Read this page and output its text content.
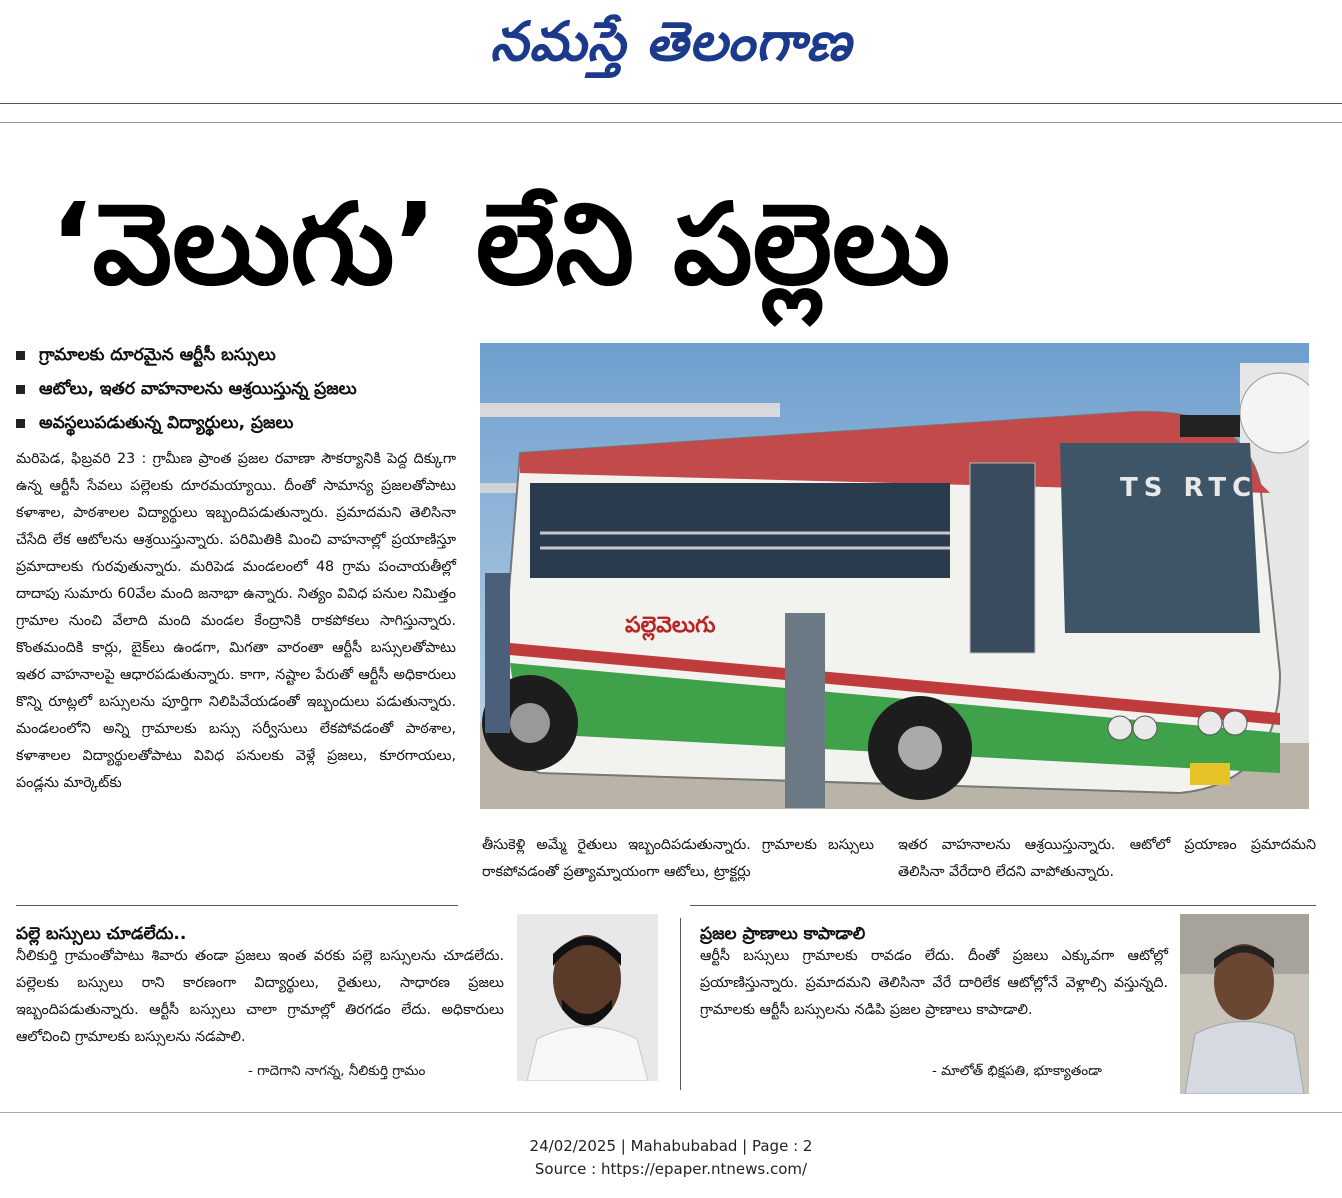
నమస్తే తెలంగాణ
‘వెలుగు’ లేని పల్లెలు
గ్రామాలకు దూరమైన ఆర్టీసీ బస్సులు
ఆటోలు, ఇతర వాహనాలను ఆశ్రయిస్తున్న ప్రజలు
అవస్థలుపడుతున్న విద్యార్థులు, ప్రజలు
మరిపెడ, ఫిబ్రవరి 23 : గ్రామీణ ప్రాంత ప్రజల రవాణా సౌకర్యానికి పెద్ద దిక్కుగా ఉన్న ఆర్టీసీ సేవలు పల్లెలకు దూరమయ్యాయి. దీంతో సామాన్య ప్రజలతోపాటు కళాశాల, పాఠశాలల విద్యార్థులు ఇబ్బందిపడుతున్నారు. ప్రమాదమని తెలిసినా చేసేది లేక ఆటోలను ఆశ్రయిస్తున్నారు. పరిమితికి మించి వాహనాల్లో ప్రయాణిస్తూ ప్రమాదాలకు గురవుతున్నారు. మరిపెడ మండలంలో 48 గ్రామ పంచాయతీల్లో దాదాపు సుమారు 60వేల మంది జనాభా ఉన్నారు. నిత్యం వివిధ పనుల నిమిత్తం గ్రామాల నుంచి వేలాది మంది మండల కేంద్రానికి రాకపోకలు సాగిస్తున్నారు. కొంతమందికి కార్లు, బైక్‌లు ఉండగా, మిగతా వారంతా ఆర్టీసీ బస్సులతోపాటు ఇతర వాహనాలపై ఆధారపడుతున్నారు. కాగా, నష్టాల పేరుతో ఆర్టీసీ అధికారులు కొన్ని రూట్లలో బస్సులను పూర్తిగా నిలిపివేయడంతో ఇబ్బందులు పడుతున్నారు. మండలంలోని అన్ని గ్రామాలకు బస్సు సర్వీసులు లేకపోవడంతో పాఠశాల, కళాశాలల విద్యార్థులతోపాటు వివిధ పనులకు వెళ్లే ప్రజలు, కూరగాయలు, పండ్లను మార్కెట్‌కు
పల్లెవెలుగు
TS RTC
తీసుకెళ్లి అమ్మే రైతులు ఇబ్బందిపడుతున్నారు. గ్రామాలకు బస్సులు రాకపోవడంతో ప్రత్యామ్నాయంగా ఆటోలు, ట్రాక్టర్లు
ఇతర వాహనాలను ఆశ్రయిస్తున్నారు. ఆటోలో ప్రయాణం ప్రమాదమని తెలిసినా వేరేదారి లేదని వాపోతున్నారు.
పల్లె బస్సులు చూడలేదు..
నీలికుర్తి గ్రామంతోపాటు శివారు తండా ప్రజలు ఇంత వరకు పల్లె బస్సులను చూడలేదు. పల్లెలకు బస్సులు రాని కారణంగా విద్యార్థులు, రైతులు, సాధారణ ప్రజలు ఇబ్బందిపడుతున్నారు. ఆర్టీసీ బస్సులు చాలా గ్రామాల్లో తిరగడం లేదు. అధికారులు ఆలోచించి గ్రామాలకు బస్సులను నడపాలి.
- గాదెగాని నాగన్న, నీలికుర్తి గ్రామం
ప్రజల ప్రాణాలు కాపాడాలి
ఆర్టీసీ బస్సులు గ్రామాలకు రావడం లేదు. దీంతో ప్రజలు ఎక్కువగా ఆటోల్లో ప్రయాణిస్తున్నారు. ప్రమాదమని తెలిసినా వేరే దారిలేక ఆటోల్లోనే వెళ్లాల్సి వస్తున్నది. గ్రామాలకు ఆర్టీసీ బస్సులను నడిపి ప్రజల ప్రాణాలు కాపాడాలి.
- మాలోత్ భిక్షపతి, భూక్యాతండా
24/02/2025 | Mahabubabad | Page : 2
Source : https://epaper.ntnews.com/
